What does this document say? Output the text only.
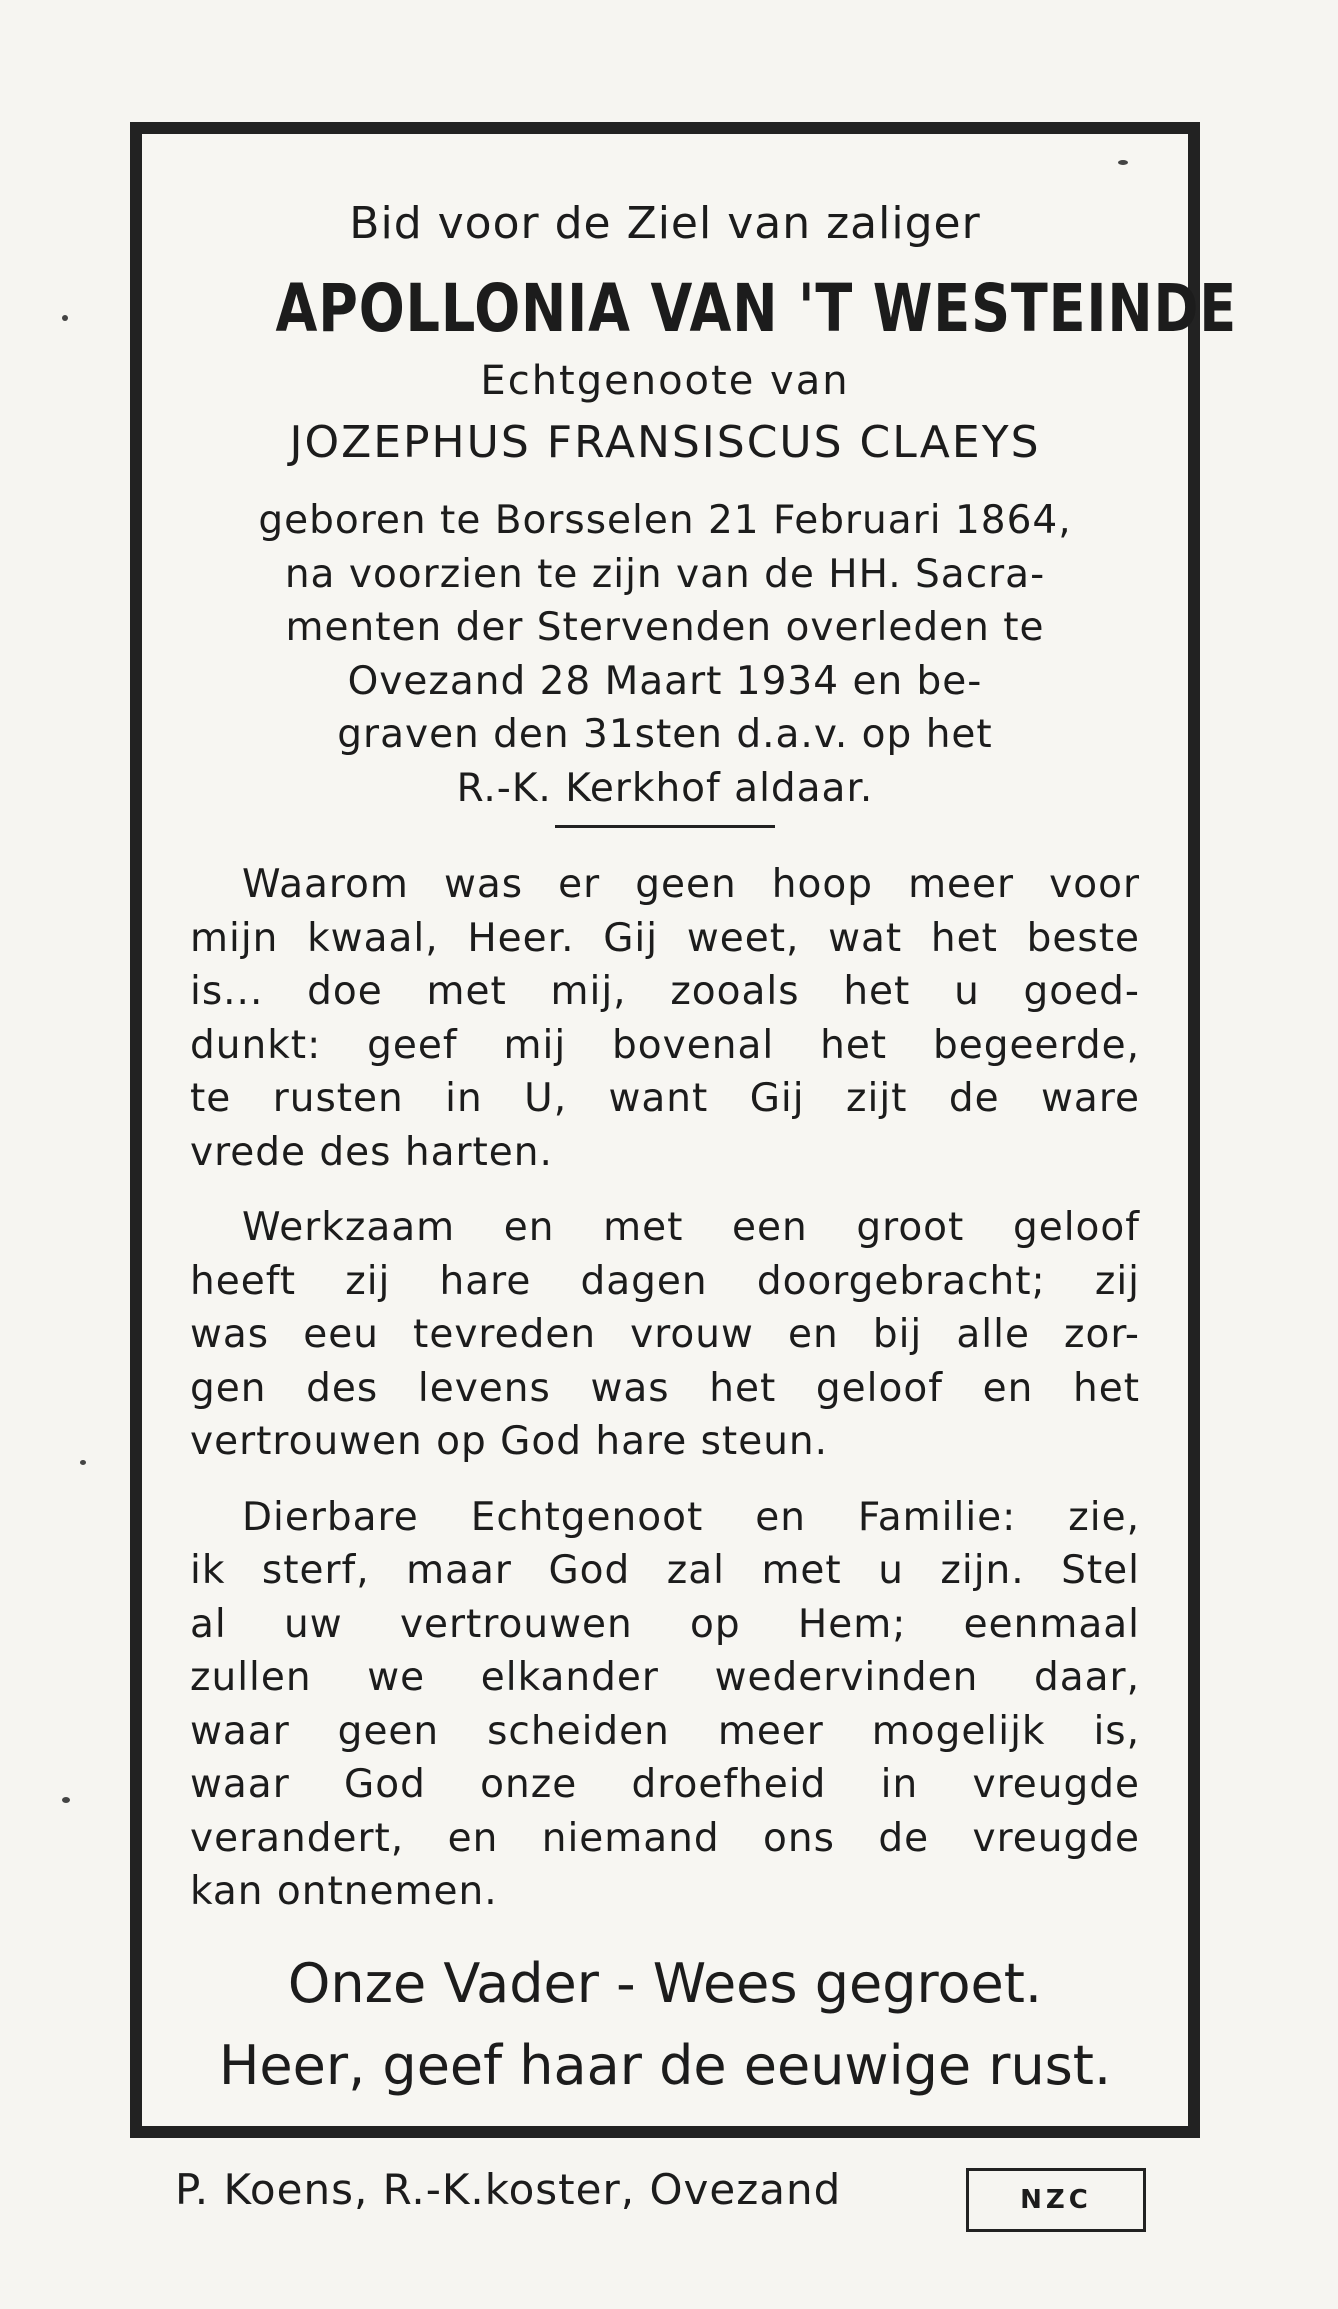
Bid voor de Ziel van zaliger

APOLLONIA VAN 'T WESTEINDE

Echtgenoote van

JOZEPHUS FRANSISCUS CLAEYS

geboren te Borsselen 21 Februari 1864,
na voorzien te zijn van de HH. Sacra-
menten der Stervenden overleden te
Ovezand 28 Maart 1934 en be-
graven den 31sten d.a.v. op het
R.-K. Kerkhof aldaar.
Waarom was er geen hoop meer voor
mijn kwaal, Heer. Gij weet, wat het beste
is... doe met mij, zooals het u goed-
dunkt: geef mij bovenal het begeerde,
te rusten in U, want Gij zijt de ware
vrede des harten.
Werkzaam en met een groot geloof
heeft zij hare dagen doorgebracht; zij
was eeu tevreden vrouw en bij alle zor-
gen des levens was het geloof en het
vertrouwen op God hare steun.
Dierbare Echtgenoot en Familie: zie,
ik sterf, maar God zal met u zijn. Stel
al uw vertrouwen op Hem; eenmaal
zullen we elkander wedervinden daar,
waar geen scheiden meer mogelijk is,
waar God onze droefheid in vreugde
verandert, en niemand ons de vreugde
kan ontnemen.

Onze Vader - Wees gegroet.

Heer, geef haar de eeuwige rust.

P. Koens, R.-K.koster, Ovezand	NZC
